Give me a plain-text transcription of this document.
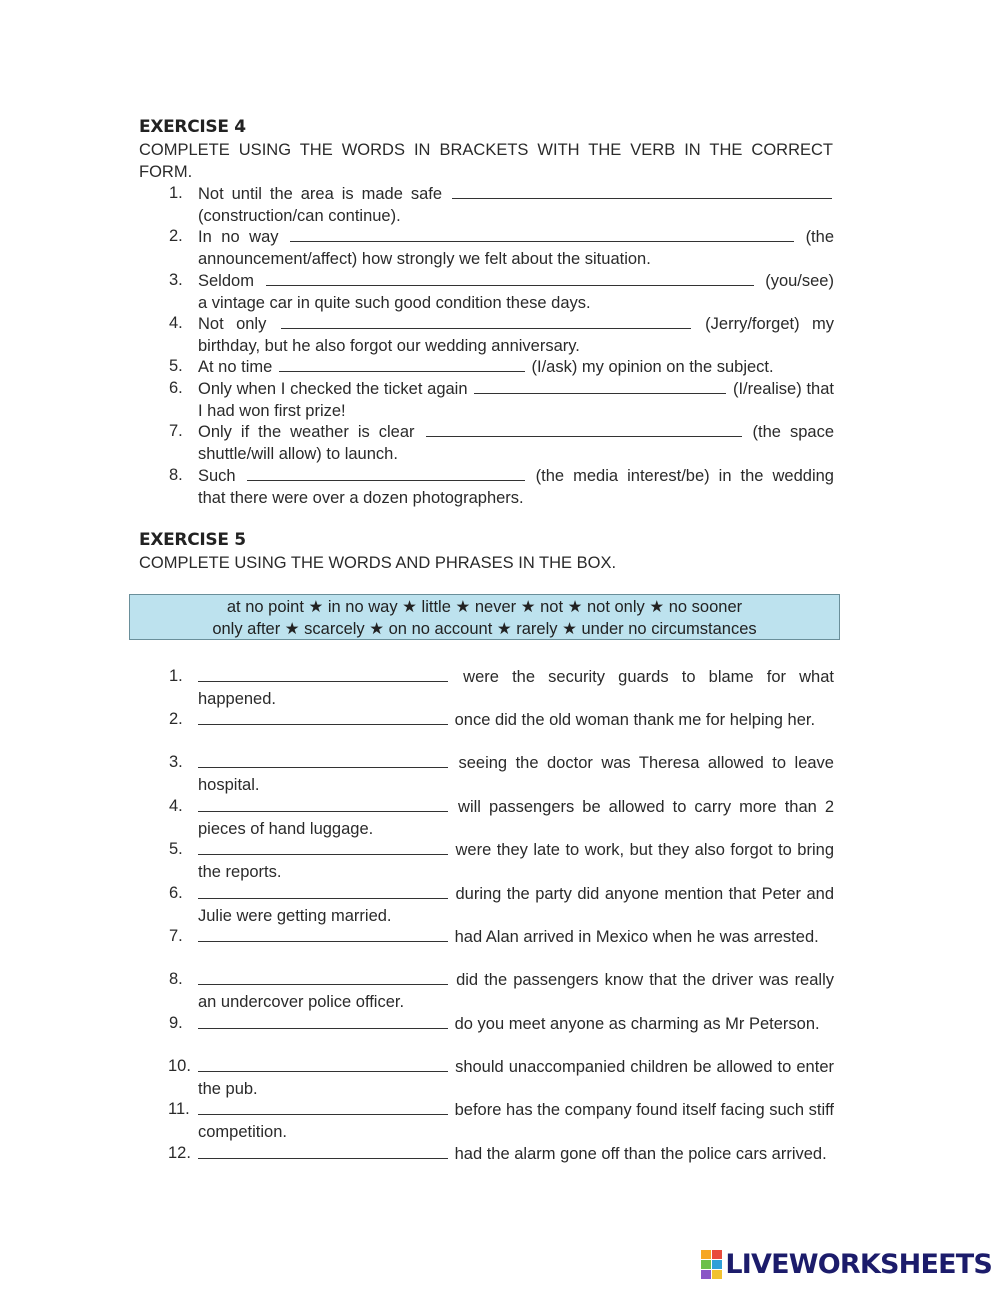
EXERCISE 4
COMPLETE USING THE WORDS IN BRACKETS WITH THE VERB IN THE CORRECT FORM.
1. Not until the area is made safe  (construction/can continue).
2. In no way	(the announcement/affect) how strongly we felt about the situation.
3. Seldom	(you/see) a vintage car in quite such good condition these days.
4. Not only	(Jerry/forget) my birthday, but he also forgot our wedding anniversary.
5. At no time	(I/ask) my opinion on the subject.
6. Only when I checked the ticket again	(I/realise) that I had won first prize!
7. Only if the weather is clear	(the space shuttle/will allow) to launch.
8. Such	(the media interest/be) in the wedding that there were over a dozen photographers.
EXERCISE 5
COMPLETE USING THE WORDS AND PHRASES IN THE BOX.
at no point ★ in no way ★ little ★ never ★ not ★ not only ★ no sooner
only after ★ scarcely ★ on no account ★ rarely ★ under no circumstances
1.	were the security guards to blame for what happened.
2.	once did the old woman thank me for helping her.
3.	seeing the doctor was Theresa allowed to leave hospital.
4.	will passengers be allowed to carry more than 2 pieces of hand luggage.
5.	were they late to work, but they also forgot to bring the reports.
6.	during the party did anyone mention that Peter and Julie were getting married.
7.	had Alan arrived in Mexico when he was arrested.
8.	did the passengers know that the driver was really an undercover police officer.
9.	do you meet anyone as charming as Mr Peterson.
10.	should unaccompanied children be allowed to enter the pub.
11.	before has the company found itself facing such stiff competition.
12.	had the alarm gone off than the police cars arrived.
LIVEWORKSHEETS
